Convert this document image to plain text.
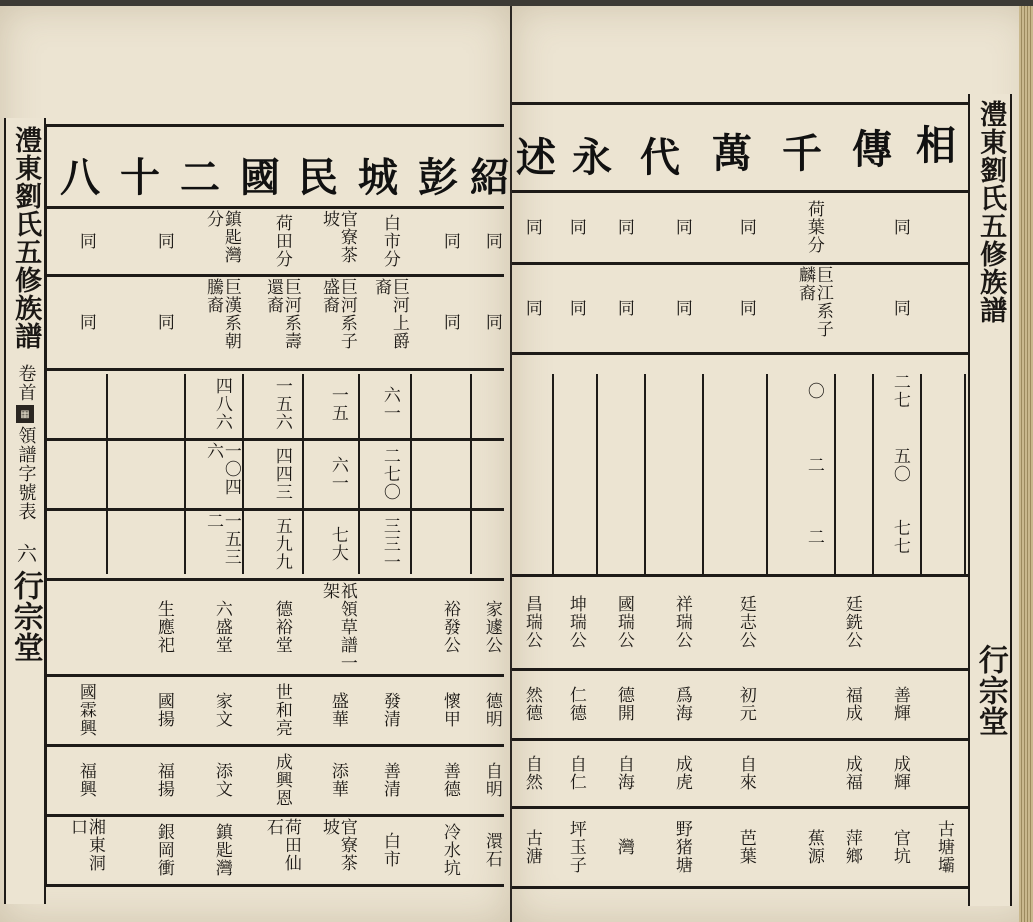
澧東劉氏五修族譜
卷首
▦
領譜字號表
六
行宗堂
八 十 二 國 民 城 彭 紹
同
同
家遽公
德明
自明
澴石
同
同
裕發公
懷甲
善德
冷水坑
白市分
巨河上爵裔
六一
二七〇
三三一
發清
善清
白市
官寮茶坡
巨河系子盛裔
一五
六一
七大
祇領草譜一架
盛華
添華
官寮茶坡
荷田分
巨河系壽還裔
一五六
四四三
五九九
德裕堂
世和亮
成興恩
荷田仙石
鎮匙灣分
巨漢系朝騰裔
四八六
一〇四六
一五三二
六盛堂
家文
添文
鎮匙灣
同
同
生應祀
國揚
福揚
銀岡衝
同
同
國霖興
福興
湘東洞口
述 永 代 萬 千 傳 相
同
同
昌瑞公
然德
自然
古溏
同
同
坤瑞公
仁德
自仁
坪玉子
同
同
國瑞公
德開
自海
灣
同
同
祥瑞公
爲海
成虎
野猪塘
同
同
廷志公
初元
自來
芭葉
荷葉分
巨江系子麟裔
〇
二
二
蕉源
廷銑公
福成
成福
萍鄉
同
同
二七
五〇
七七
善輝
成輝
官坑	古塘壩
澧東劉氏五修族譜
行宗堂
